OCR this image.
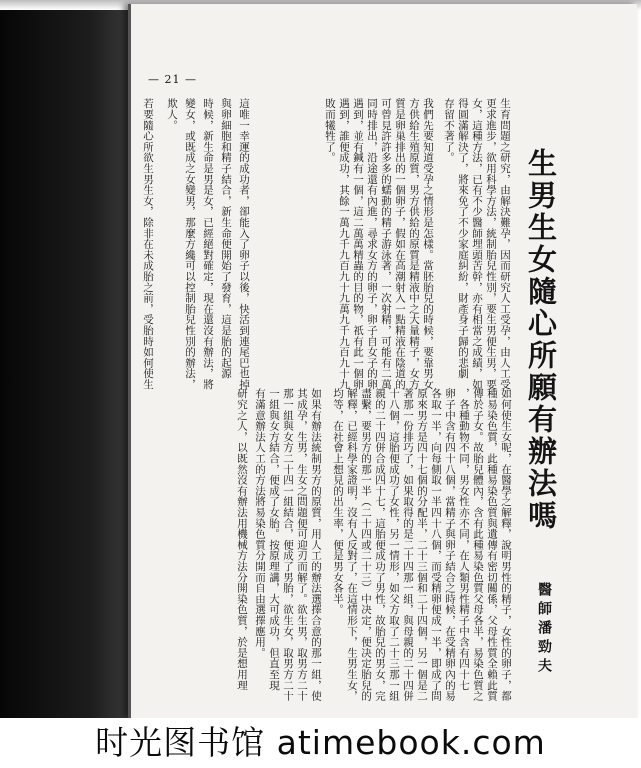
— 21 —
生男生女隨心所願有辦法嗎
醫師潘勁夫
如何使生女呢，在醫學之解釋，說明男性的精子，女性的卵子，都
種易染色質，此種易染色質與遺傳有密切關係，父母性質全賴此質
傳於子女。故胎兒體內，含有此種易染色質父母各半，易染色質之
，各種動物不同，男女性亦不同，在人類男性精子中含有四十七
卵子中含有四十八個，當精子與卵子結合之時候，在受精卵內的易
各取一半，向每側取一半四十八個，而受精卵便成一半，即成了問
原來男方是四十七個的分配半，二十三個和二十四個，另一個是二
著那一份排巧了，如果取得的是二十四那一組，與母親的二十四併
十八個，這胎便成功了女性，另一情形，如父方取了二十三那一組
親的二十四併合成四十七，這胎便成功了男性，故胎兒的男女，完
盡繫，要男方的那一半（二十四或二十三）中决定，便决定胎兒的
解釋，已經科學家證明，沒有人反對了，在這情形下，生男生女，
均等，在社會上想見的出生率，便是男女各半。
如果有辦法統制男方的原質，用人工的辦法選擇合意的那一組，使
其成孕，生男，生女之問題便可迎刃而解了。欲生男，取男方二十
那一組與女方二十四一組結合，便成了男胎，欲生女，取男方二十
一組與女方結合，便成了女胎。按原理講，大可成功，但直至現
有滿意辦法人工的方法將易染色質分開而自由選擇應用。
研究之人，以既然沒有辦法用機械方法分開染色質，於是想用理
生育問題之研究，由解決難孕，因而研究人工受孕，由人工受
更求進步，欲用科學方法，統制胎兒性別，要生男便生男，要
女，這種方法，已有不少醫師埋頭苦幹，亦有相當之成績，如
得圓滿解決了，將來免了不少家庭糾紛，財產身子歸的悲劇
存留不著了。
我們先要知道受孕之情形是怎樣。當胚胎兒的時候，要靠男女
方供給生殖原質，男方供給的原質是精液中之大量精子，女方
質是卵巢排出的一個卵子，假如在高潮射入一點精液在陰道的
可曾見許許多多的蠕動的精子游泳著，一次射精，可能有二萬
同時排出，沿途還有內進，尋求女方的卵子，卵子自女子的卵
遇到，並有鍼有一個，這二萬萬精蟲的目的物，祇有此一個卵
遇到，誰便成功，其餘一萬九千九百九十九萬九千九百九十九
敗而犧牲了。
這唯一幸運的成功者，卻能入了卵子以後，快活到連尾巴也掉
與卵細胞和精子結合，新生命便開始了發育，這是胎的起源
時候，新生命是男是女，已經絕對確定，現在還沒有辦法，將
變女，或既成之女變男，那麼方纔可以控制胎兒性別的辦法，
欺人。
若要隨心所欲生男生女，除非在未成胎之前，受胎時如何使生
时光图书馆 atimebook.com
